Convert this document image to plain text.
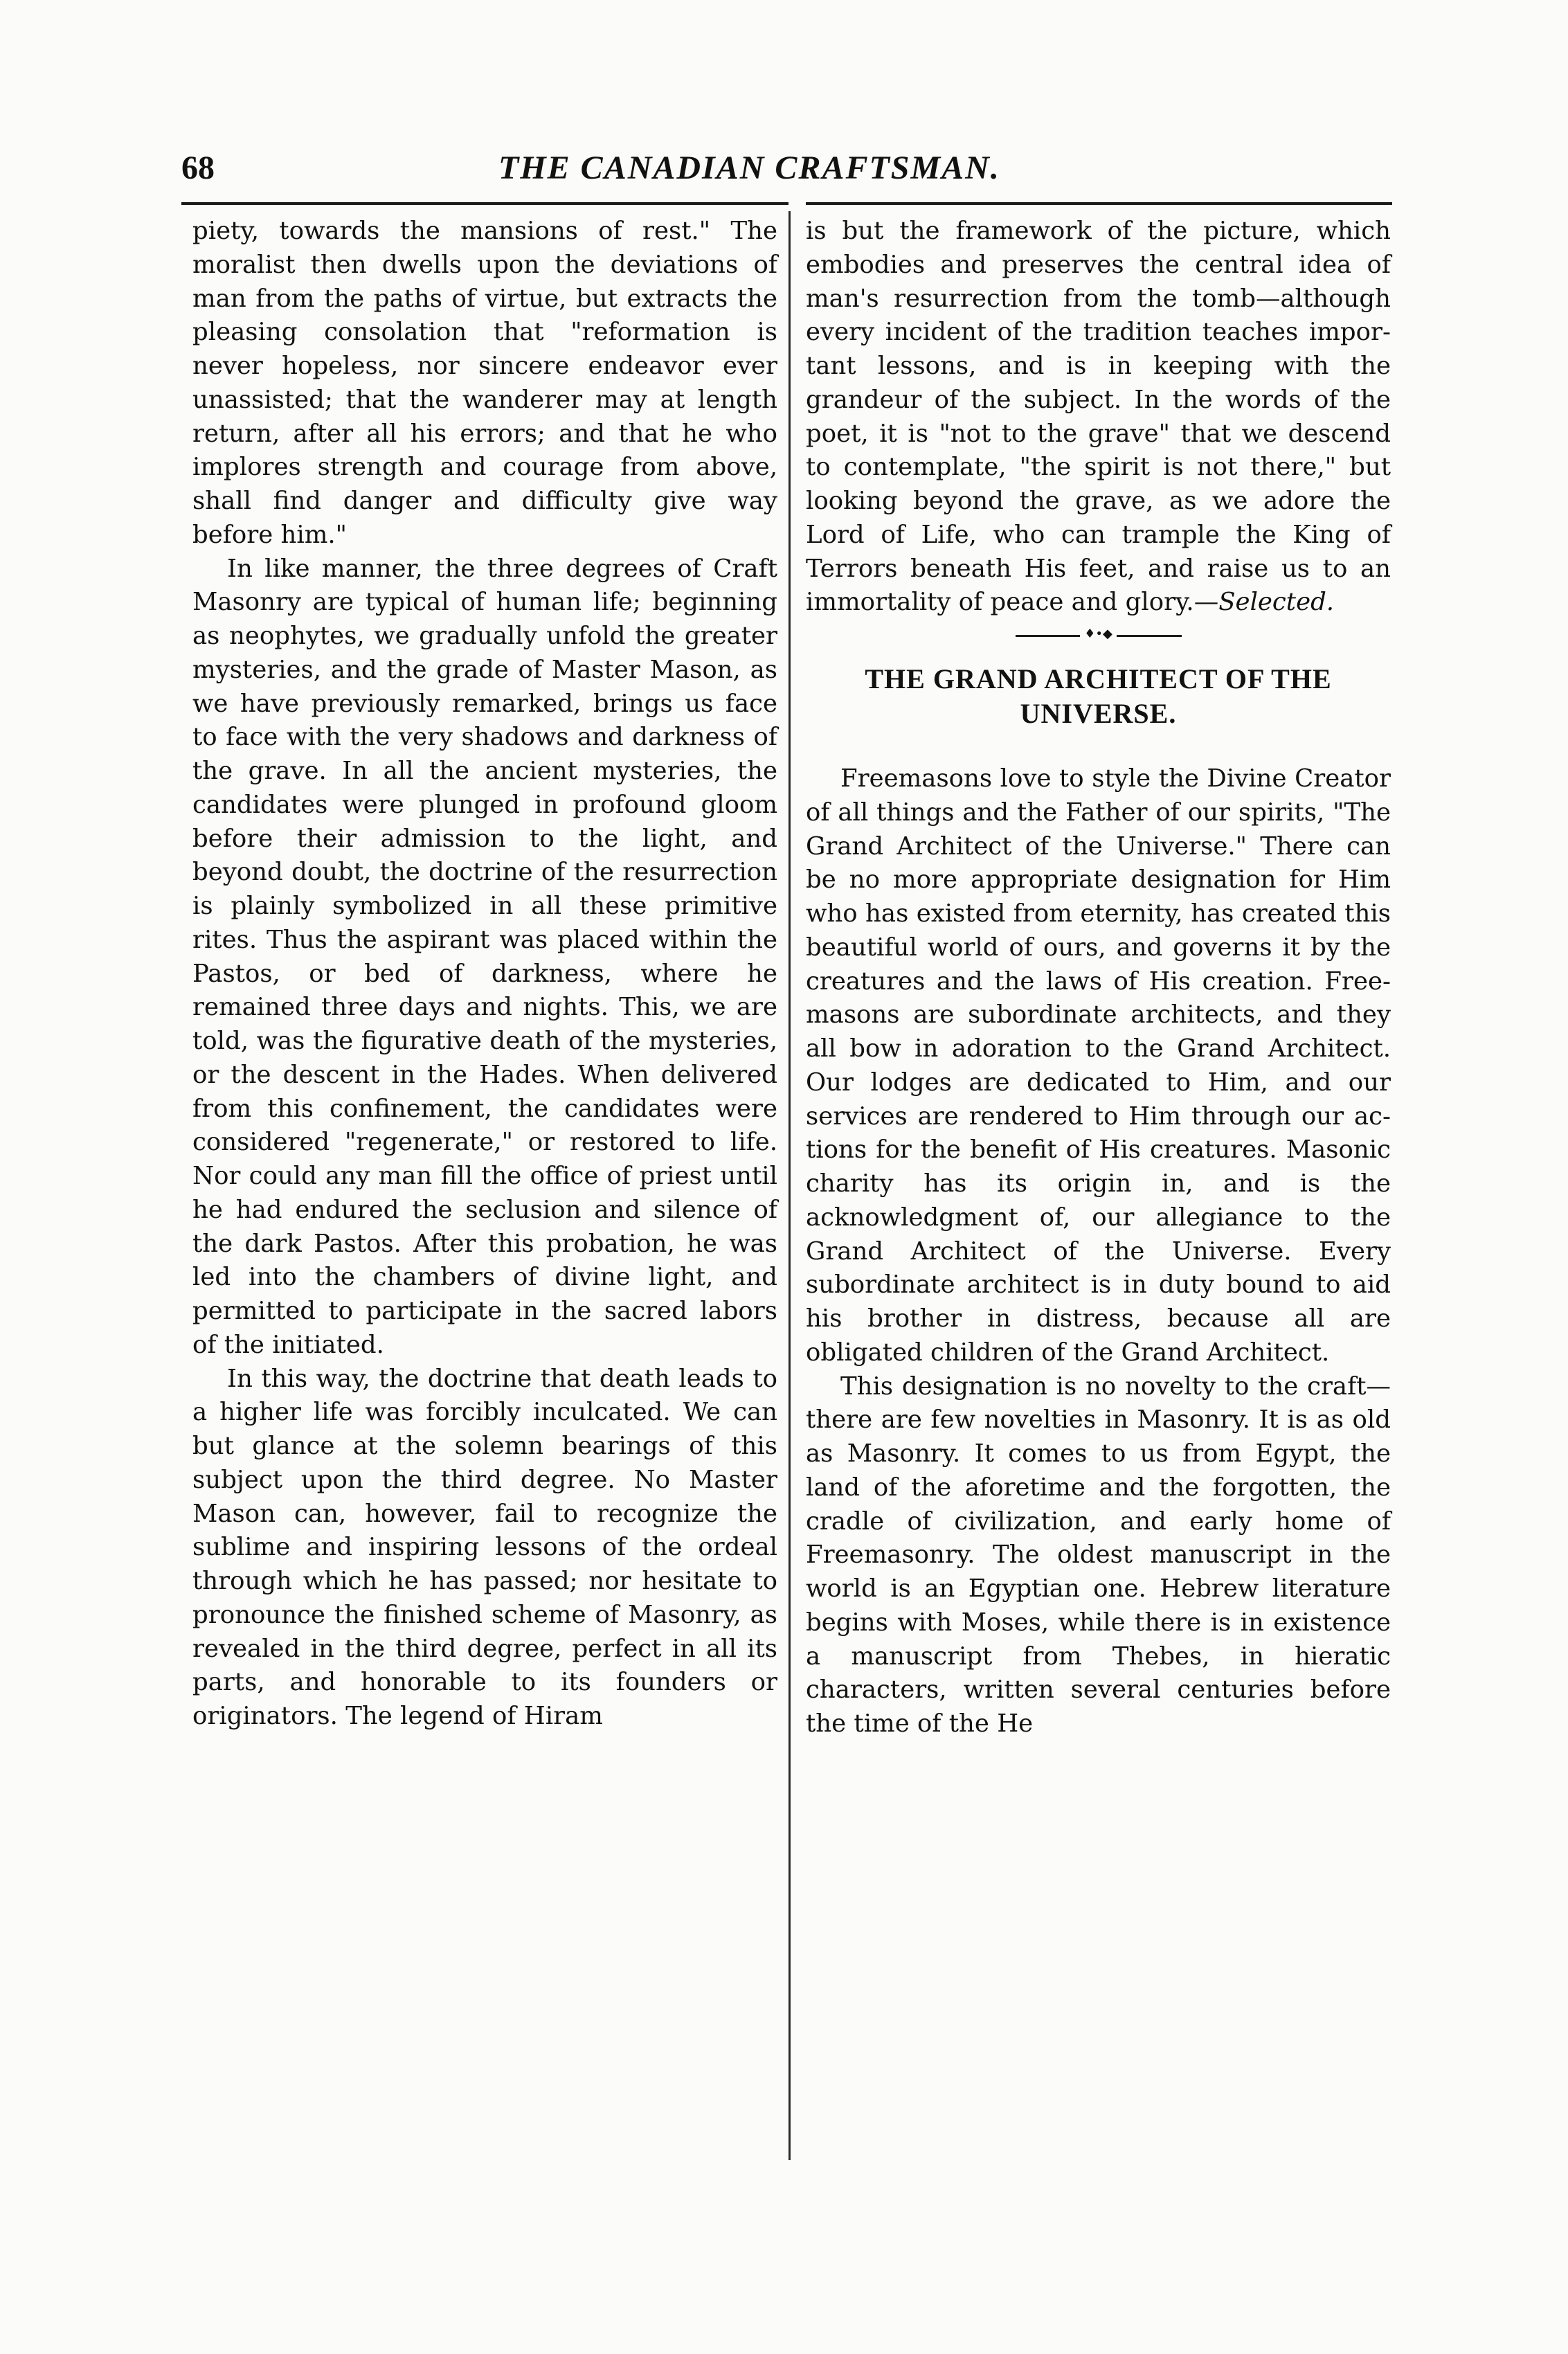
68	THE CANADIAN CRAFTSMAN.

piety, towards the mansions of rest." The moralist then dwells upon the deviations of man from the paths of virtue, but extracts the pleasing consolation that "reformation is never hopeless, nor sincere endeavor ever unassisted; that the wanderer may at length return, after all his errors; and that he who implores strength and courage from above, shall find danger and difficulty give way before him."

In like manner, the three degrees of Craft Masonry are typical of human life; beginning as neophytes, we gradually unfold the greater mysteries, and the grade of Master Mason, as we have previously remarked, brings us face to face with the very shadows and darkness of the grave. In all the ancient mysteries, the candidates were plunged in profound gloom before their admission to the light, and beyond doubt, the doctrine of the resurrection is plainly symbolized in all these primitive rites. Thus the aspirant was placed within the Pastos, or bed of darkness, where he remained three days and nights. This, we are told, was the figurative death of the mysteries, or the descent in the Hades. When delivered from this confinement, the candidates were considered "regenerate," or restored to life. Nor could any man fill the office of priest until he had endured the seclusion and silence of the dark Pastos. After this probation, he was led into the chambers of divine light, and permitted to participate in the sacred labors of the initiated.

In this way, the doctrine that death leads to a higher life was forcibly inculcated. We can but glance at the solemn bearings of this subject upon the third degree. No Master Mason can, however, fail to recognize the sublime and inspiring lessons of the ordeal through which he has passed; nor hesitate to pronounce the finished scheme of Masonry, as revealed in the third degree, perfect in all its parts, and honorable to its founders or originators. The legend of Hiram

is but the framework of the picture, which embodies and preserves the central idea of man's resurrection from the tomb—although every incident of the tradition teaches important lessons, and is in keeping with the grandeur of the subject. In the words of the poet, it is "not to the grave" that we descend to contemplate, "the spirit is not there," but looking beyond the grave, as we adore the Lord of Life, who can trample the King of Terrors beneath His feet, and raise us to an immortality of peace and glory.—Selected.

♦•◆
THE GRAND ARCHITECT OF THE UNIVERSE.

Freemasons love to style the Divine Creator of all things and the Father of our spirits, "The Grand Architect of the Universe." There can be no more appropriate designation for Him who has existed from eternity, has created this beautiful world of ours, and governs it by the creatures and the laws of His creation. Freemasons are subordinate architects, and they all bow in adoration to the Grand Architect. Our lodges are dedicated to Him, and our services are rendered to Him through our actions for the benefit of His creatures. Masonic charity has its origin in, and is the acknowledgment of, our allegiance to the Grand Architect of the Universe. Every subordinate architect is in duty bound to aid his brother in distress, because all are obligated children of the Grand Architect.

This designation is no novelty to the craft—there are few novelties in Masonry. It is as old as Masonry. It comes to us from Egypt, the land of the aforetime and the forgotten, the cradle of civilization, and early home of Freemasonry. The oldest manuscript in the world is an Egyptian one. Hebrew literature begins with Moses, while there is in existence a manuscript from Thebes, in hieratic characters, written several centuries before the time of the He
